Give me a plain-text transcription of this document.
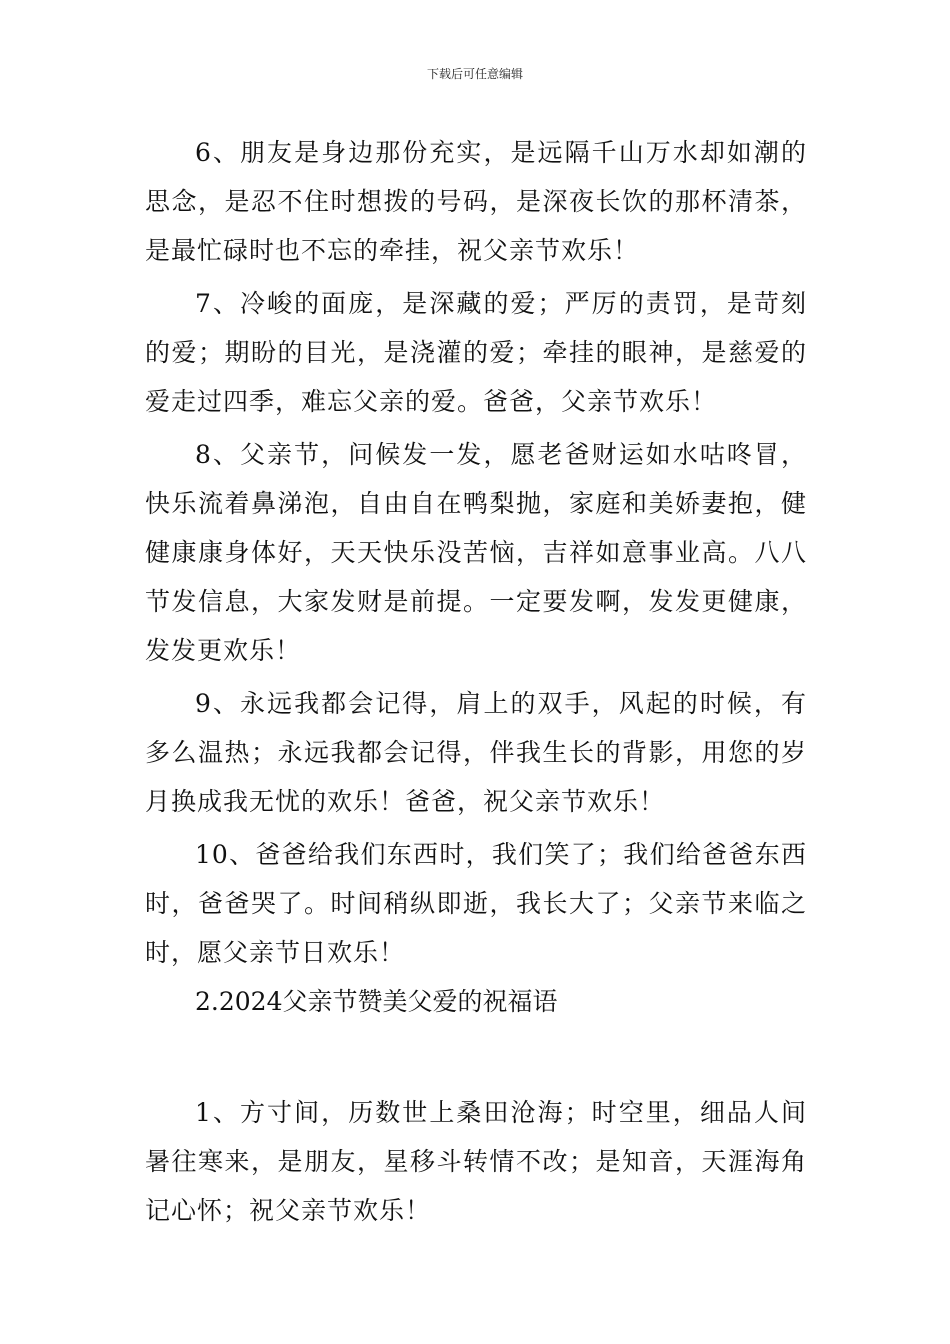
下载后可任意编辑

6、朋友是身边那份充实，是远隔千山万水却如潮的思念，是忍不住时想拨的号码，是深夜长饮的那杯清茶，是最忙碌时也不忘的牵挂，祝父亲节欢乐！

7、冷峻的面庞，是深藏的爱；严厉的责罚，是苛刻的爱；期盼的目光，是浇灌的爱；牵挂的眼神，是慈爱的爱走过四季，难忘父亲的爱。爸爸，父亲节欢乐！

8、父亲节，问候发一发，愿老爸财运如水咕咚冒，快乐流着鼻涕泡，自由自在鸭梨抛，家庭和美娇妻抱，健健康康身体好，天天快乐没苦恼，吉祥如意事业高。八八节发信息，大家发财是前提。一定要发啊，发发更健康，发发更欢乐！

9、永远我都会记得，肩上的双手，风起的时候，有多么温热；永远我都会记得，伴我生长的背影，用您的岁月换成我无忧的欢乐！爸爸，祝父亲节欢乐！

10、爸爸给我们东西时，我们笑了；我们给爸爸东西时，爸爸哭了。时间稍纵即逝，我长大了；父亲节来临之时，愿父亲节日欢乐！

2.2024父亲节赞美父爱的祝福语

1、方寸间，历数世上桑田沧海；时空里，细品人间暑往寒来，是朋友，星移斗转情不改；是知音，天涯海角记心怀；祝父亲节欢乐！
